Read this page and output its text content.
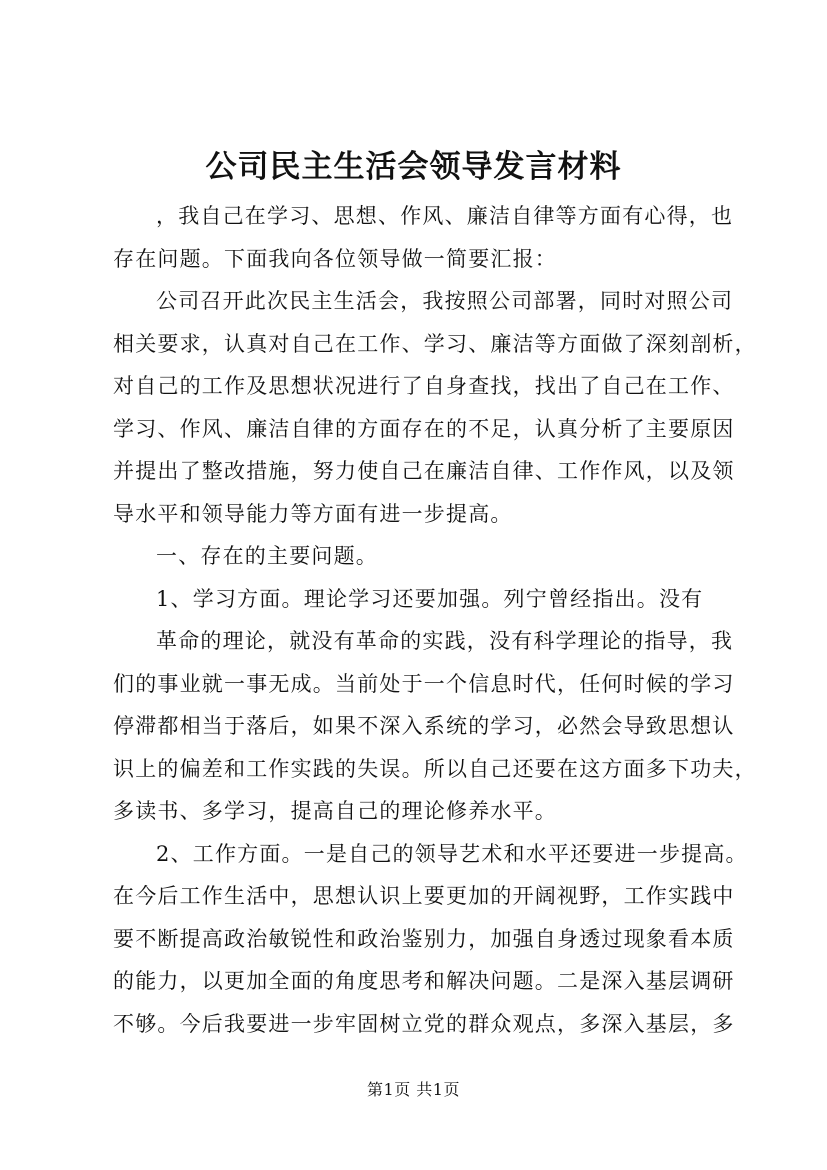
公司民主生活会领导发言材料
，我自己在学习、思想、作风、廉洁自律等方面有心得，也
存在问题。下面我向各位领导做一简要汇报：
公司召开此次民主生活会，我按照公司部署，同时对照公司
相关要求，认真对自己在工作、学习、廉洁等方面做了深刻剖析，
对自己的工作及思想状况进行了自身查找，找出了自己在工作、
学习、作风、廉洁自律的方面存在的不足，认真分析了主要原因
并提出了整改措施，努力使自己在廉洁自律、工作作风，以及领
导水平和领导能力等方面有进一步提高。
一、存在的主要问题。
1、学习方面。理论学习还要加强。列宁曾经指出。没有
革命的理论，就没有革命的实践，没有科学理论的指导，我
们的事业就一事无成。当前处于一个信息时代，任何时候的学习
停滞都相当于落后，如果不深入系统的学习，必然会导致思想认
识上的偏差和工作实践的失误。所以自己还要在这方面多下功夫，
多读书、多学习，提高自己的理论修养水平。
2、工作方面。一是自己的领导艺术和水平还要进一步提高。
在今后工作生活中，思想认识上要更加的开阔视野，工作实践中
要不断提高政治敏锐性和政治鉴别力，加强自身透过现象看本质
的能力，以更加全面的角度思考和解决问题。二是深入基层调研
不够。今后我要进一步牢固树立党的群众观点，多深入基层，多
第1页 共1页
